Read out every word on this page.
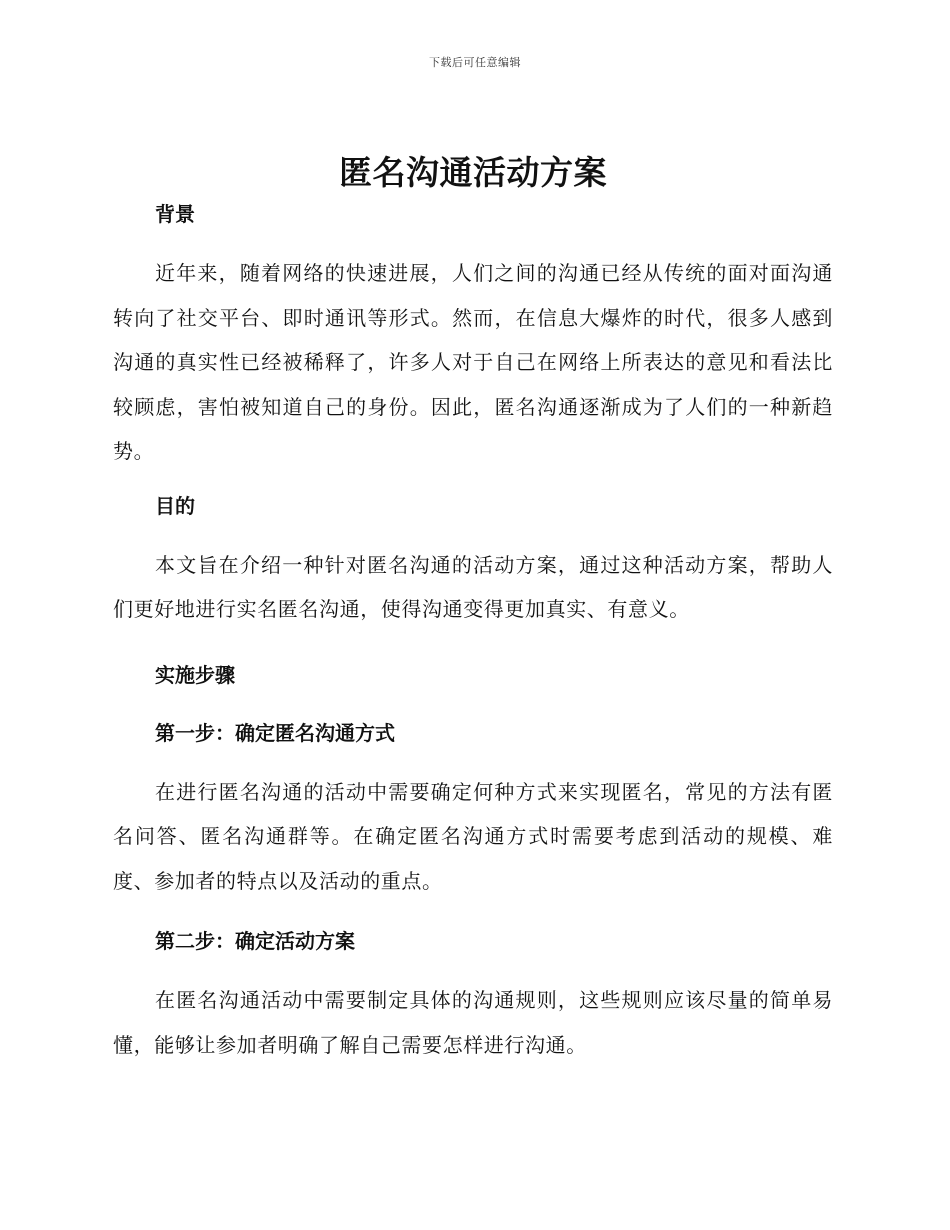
下载后可任意编辑
匿名沟通活动方案

背景

近年来，随着网络的快速进展，人们之间的沟通已经从传统的面对面沟通转向了社交平台、即时通讯等形式。然而，在信息大爆炸的时代，很多人感到沟通的真实性已经被稀释了，许多人对于自己在网络上所表达的意见和看法比较顾虑，害怕被知道自己的身份。因此，匿名沟通逐渐成为了人们的一种新趋势。

目的

本文旨在介绍一种针对匿名沟通的活动方案，通过这种活动方案，帮助人们更好地进行实名匿名沟通，使得沟通变得更加真实、有意义。

实施步骤

第一步：确定匿名沟通方式

在进行匿名沟通的活动中需要确定何种方式来实现匿名，常见的方法有匿名问答、匿名沟通群等。在确定匿名沟通方式时需要考虑到活动的规模、难度、参加者的特点以及活动的重点。

第二步：确定活动方案

在匿名沟通活动中需要制定具体的沟通规则，这些规则应该尽量的简单易懂，能够让参加者明确了解自己需要怎样进行沟通。
